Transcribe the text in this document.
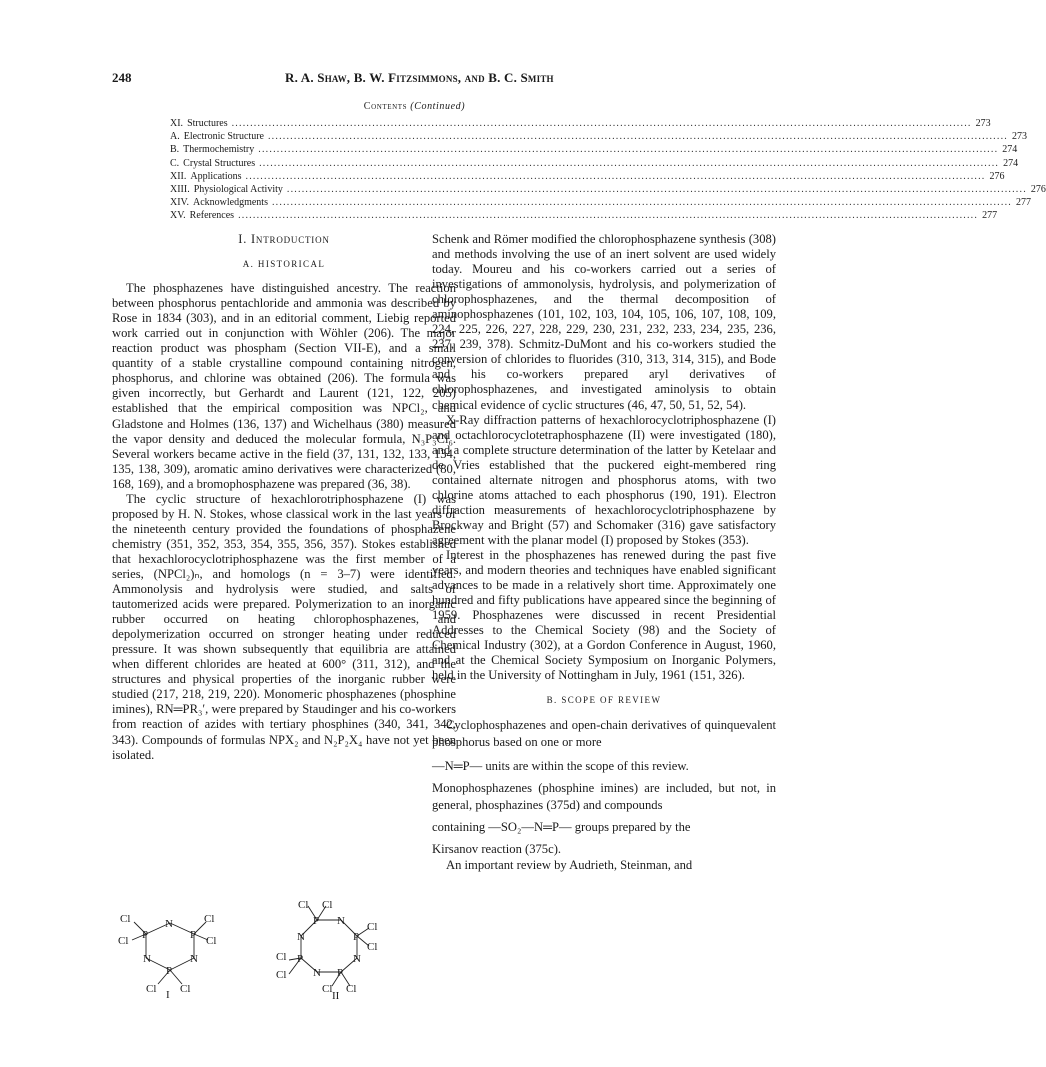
248	R. A. Shaw, B. W. Fitzsimmons, and B. C. Smith
Contents (Continued)
XI. Structures ........................................................................................................................................................................................................ 273
A. Electronic Structure ........................................................................................................................................................................................................ 273
B. Thermochemistry ........................................................................................................................................................................................................ 274
C. Crystal Structures ........................................................................................................................................................................................................ 274
XII. Applications ........................................................................................................................................................................................................ 276
XIII. Physiological Activity ........................................................................................................................................................................................................ 276
XIV. Acknowledgments ........................................................................................................................................................................................................ 277
XV. References ........................................................................................................................................................................................................ 277
I. Introduction
A. HISTORICAL

The phosphazenes have distinguished ancestry. The reaction between phosphorus pentachloride and ammonia was described by Rose in 1834 (303), and in an editorial comment, Liebig reported work carried out in conjunction with Wöhler (206). The major reaction product was phospham (Section VII-E), and a small quantity of a stable crystalline compound containing nitrogen, phosphorus, and chlorine was obtained (206). The formula was given incorrectly, but Gerhardt and Laurent (121, 122, 205) established that the empirical composition was NPCl₂, and Gladstone and Holmes (136, 137) and Wichelhaus (380) measured the vapor density and deduced the molecular formula, N₃P₃Cl₆. Several workers became active in the field (37, 131, 132, 133, 134, 135, 138, 309), aromatic amino derivatives were characterized (80, 168, 169), and a bromophosphazene was prepared (36, 38).

The cyclic structure of hexachlorotriphosphazene (I) was proposed by H. N. Stokes, whose classical work in the last years of the nineteenth century provided the foundations of phosphazene chemistry (351, 352, 353, 354, 355, 356, 357). Stokes established that hexachlorocyclotriphosphazene was the first member of a series, (NPCl₂)ₙ, and homologs (n = 3–7) were identified. Ammonolysis and hydrolysis were studied, and salts of tautomerized acids were prepared. Polymerization to an inorganic rubber occurred on heating chlorophosphazenes, and depolymerization occurred on stronger heating under reduced pressure. It was shown subsequently that equilibria are attained when different chlorides are heated at 600° (311, 312), and the structures and physical properties of the inorganic rubber were studied (217, 218, 219, 220). Monomeric phosphazenes (phosphine imines), RN═PR₃′, were prepared by Staudinger and his co-workers from reaction of azides with tertiary phosphines (340, 341, 342, 343). Compounds of formulas NPX₂ and N₂P₂X₄ have not yet been isolated.

N
P
N
P
N
P
Cl
Cl
Cl
Cl
Cl Cl
I
P N
P
N
P
N
P
N
Cl Cl
Cl
Cl
Cl
Cl
Cl Cl
II

Schenk and Römer modified the chlorophosphazene synthesis (308) and methods involving the use of an inert solvent are used widely today. Moureu and his co-workers carried out a series of investigations of ammonolysis, hydrolysis, and polymerization of chlorophosphazenes, and the thermal decomposition of aminophosphazenes (101, 102, 103, 104, 105, 106, 107, 108, 109, 224, 225, 226, 227, 228, 229, 230, 231, 232, 233, 234, 235, 236, 237, 239, 378). Schmitz-DuMont and his co-workers studied the conversion of chlorides to fluorides (310, 313, 314, 315), and Bode and his co-workers prepared aryl derivatives of chlorophosphazenes, and investigated aminolysis to obtain chemical evidence of cyclic structures (46, 47, 50, 51, 52, 54).

X-Ray diffraction patterns of hexachlorocyclotriphosphazene (I) and octachlorocyclotetraphosphazene (II) were investigated (180), and a complete structure determination of the latter by Ketelaar and de Vries established that the puckered eight-membered ring contained alternate nitrogen and phosphorus atoms, with two chlorine atoms attached to each phosphorus (190, 191). Electron diffraction measurements of hexachlorocyclotriphosphazene by Brockway and Bright (57) and Schomaker (316) gave satisfactory agreement with the planar model (I) proposed by Stokes (353).

Interest in the phosphazenes has renewed during the past five years, and modern theories and techniques have enabled significant advances to be made in a relatively short time. Approximately one hundred and fifty publications have appeared since the beginning of 1959. Phosphazenes were discussed in recent Presidential Addresses to the Chemical Society (98) and the Society of Chemical Industry (302), at a Gordon Conference in August, 1960, and at the Chemical Society Symposium on Inorganic Polymers, held in the University of Nottingham in July, 1961 (151, 326).

B. SCOPE OF REVIEW

Cyclophosphazenes and open-chain derivatives of quinquevalent phosphorus based on one or more

—N═P— units are within the scope of this review.

Monophosphazenes (phosphine imines) are included, but not, in general, phosphazines (375d) and compounds

containing —SO₂—N═P— groups prepared by the

Kirsanov reaction (375c).

An important review by Audrieth, Steinman, and
